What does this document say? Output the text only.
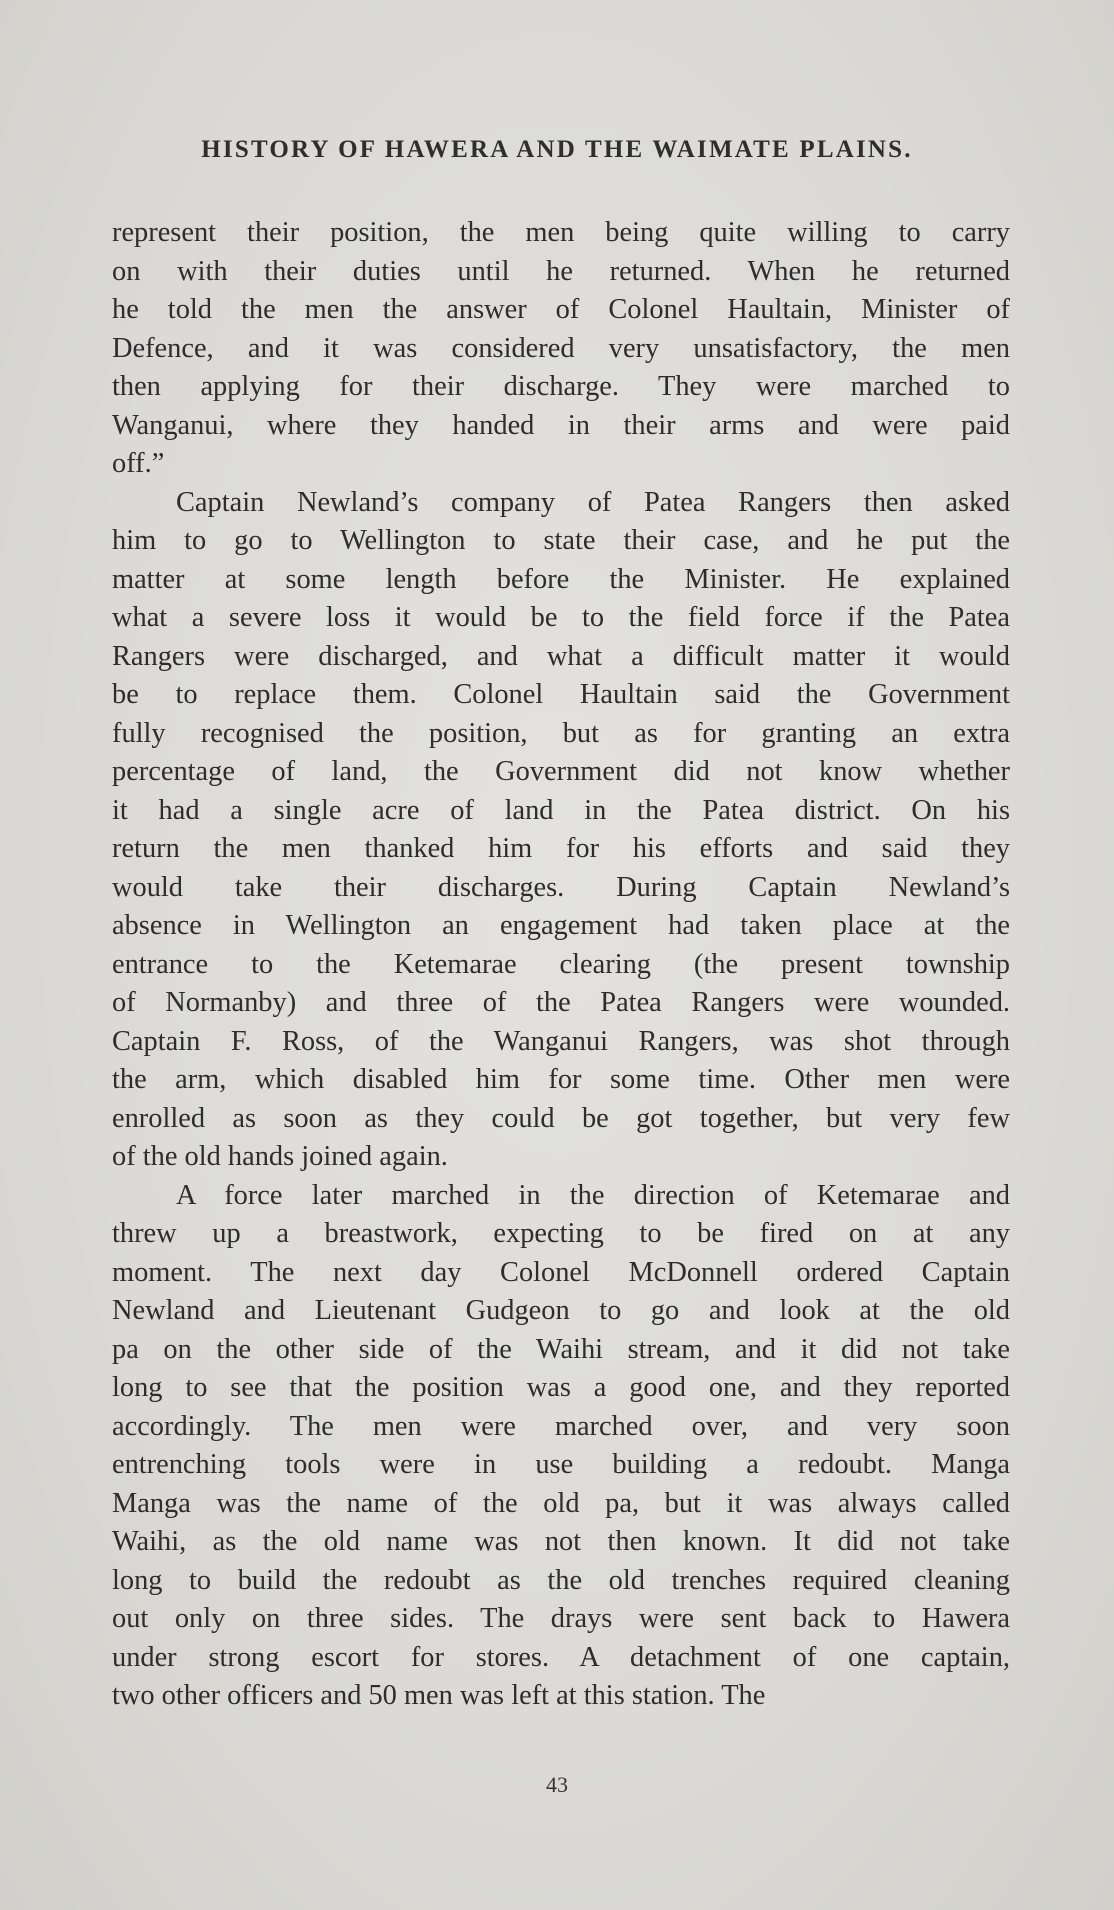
HISTORY OF HAWERA AND THE WAIMATE PLAINS.

represent their position, the men being quite willing to carry
on with their duties until he returned. When he returned
he told the men the answer of Colonel Haultain, Minister of
Defence, and it was considered very unsatisfactory, the men
then applying for their discharge. They were marched to
Wanganui, where they handed in their arms and were paid
off.”

Captain Newland’s company of Patea Rangers then asked
him to go to Wellington to state their case, and he put the
matter at some length before the Minister. He explained
what a severe loss it would be to the field force if the Patea
Rangers were discharged, and what a difficult matter it would
be to replace them. Colonel Haultain said the Government
fully recognised the position, but as for granting an extra
percentage of land, the Government did not know whether
it had a single acre of land in the Patea district. On his
return the men thanked him for his efforts and said they
would take their discharges. During Captain Newland’s
absence in Wellington an engagement had taken place at the
entrance to the Ketemarae clearing (the present township
of Normanby) and three of the Patea Rangers were wounded.
Captain F. Ross, of the Wanganui Rangers, was shot through
the arm, which disabled him for some time. Other men were
enrolled as soon as they could be got together, but very few
of the old hands joined again.

A force later marched in the direction of Ketemarae and
threw up a breastwork, expecting to be fired on at any
moment. The next day Colonel McDonnell ordered Captain
Newland and Lieutenant Gudgeon to go and look at the old
pa on the other side of the Waihi stream, and it did not take
long to see that the position was a good one, and they reported
accordingly. The men were marched over, and very soon
entrenching tools were in use building a redoubt. Manga
Manga was the name of the old pa, but it was always called
Waihi, as the old name was not then known. It did not take
long to build the redoubt as the old trenches required cleaning
out only on three sides. The drays were sent back to Hawera
under strong escort for stores. A detachment of one captain,
two other officers and 50 men was left at this station. The

43
